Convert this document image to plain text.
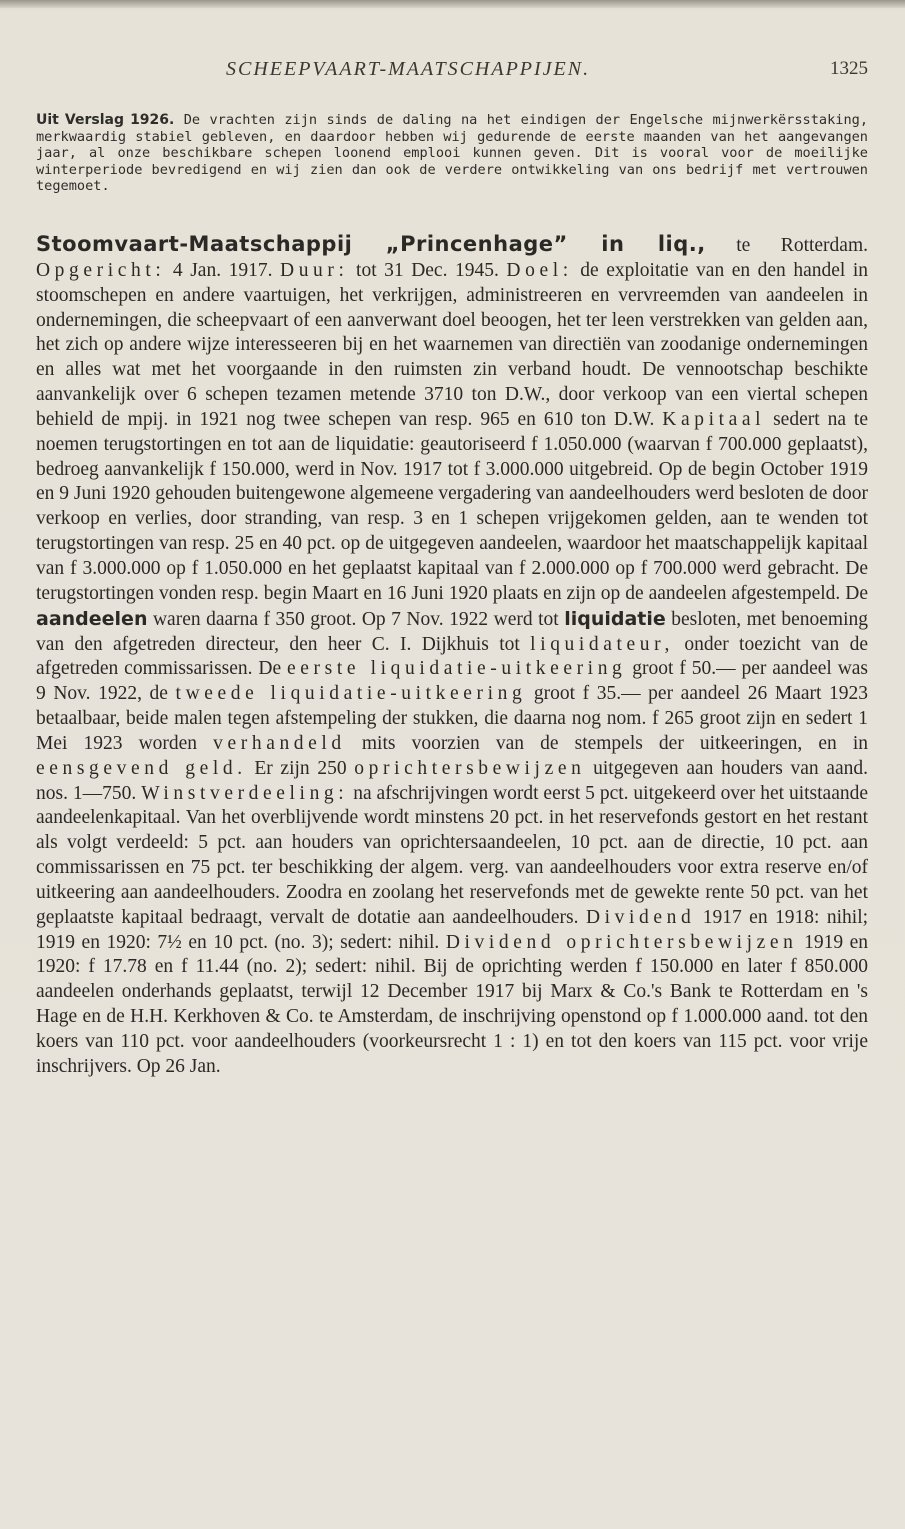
SCHEEPVAART-MAATSCHAPPIJEN.	1325

Uit Verslag 1926. De vrachten zijn sinds de daling na het eindigen der Engelsche mijnwerkërsstaking, merkwaardig stabiel gebleven, en daardoor hebben wij gedurende de eerste maanden van het aangevangen jaar, al onze beschikbare schepen loonend emplooi kunnen geven. Dit is vooral voor de moeilijke winterperiode bevredigend en wij zien dan ook de verdere ontwikkeling van ons bedrijf met vertrouwen tegemoet.

Stoomvaart-Maatschappij „Princenhage” in liq., te Rotterdam. Opgericht: 4 Jan. 1917. Duur: tot 31 Dec. 1945. Doel: de exploitatie van en den handel in stoomschepen en andere vaartuigen, het verkrijgen, administreeren en vervreemden van aandeelen in ondernemingen, die scheepvaart of een aanverwant doel beoogen, het ter leen verstrekken van gelden aan, het zich op andere wijze interesseeren bij en het waarnemen van directiën van zoodanige ondernemingen en alles wat met het voorgaande in den ruimsten zin verband houdt. De vennootschap beschikte aanvankelijk over 6 schepen tezamen metende 3710 ton D.W., door verkoop van een viertal schepen behield de mpij. in 1921 nog twee schepen van resp. 965 en 610 ton D.W. Kapitaal sedert na te noemen terugstortingen en tot aan de liquidatie: geautoriseerd f 1.050.000 (waarvan f 700.000 geplaatst), bedroeg aanvankelijk f 150.000, werd in Nov. 1917 tot f 3.000.000 uitgebreid. Op de begin October 1919 en 9 Juni 1920 gehouden buitengewone algemeene vergadering van aandeelhouders werd besloten de door verkoop en verlies, door stranding, van resp. 3 en 1 schepen vrijgekomen gelden, aan te wenden tot terugstortingen van resp. 25 en 40 pct. op de uitgegeven aandeelen, waardoor het maatschappelijk kapitaal van f 3.000.000 op f 1.050.000 en het geplaatst kapitaal van f 2.000.000 op f 700.000 werd gebracht. De terugstortingen vonden resp. begin Maart en 16 Juni 1920 plaats en zijn op de aandeelen afgestempeld. De aandeelen waren daarna f 350 groot. Op 7 Nov. 1922 werd tot liquidatie besloten, met benoeming van den afgetreden directeur, den heer C. I. Dijkhuis tot liquidateur, onder toezicht van de afgetreden commissarissen. De eerste liquidatie-uitkeering groot f 50.— per aandeel was 9 Nov. 1922, de tweede liquidatie-uitkeering groot f 35.— per aandeel 26 Maart 1923 betaalbaar, beide malen tegen afstempeling der stukken, die daarna nog nom. f 265 groot zijn en sedert 1 Mei 1923 worden verhandeld mits voorzien van de stempels der uitkeeringen, en in eensgevend geld. Er zijn 250 oprichtersbewijzen uitgegeven aan houders van aand. nos. 1—750. Winstverdeeling: na afschrijvingen wordt eerst 5 pct. uitgekeerd over het uitstaande aandeelenkapitaal. Van het overblijvende wordt minstens 20 pct. in het reservefonds gestort en het restant als volgt verdeeld: 5 pct. aan houders van oprichtersaandeelen, 10 pct. aan de directie, 10 pct. aan commissarissen en 75 pct. ter beschikking der algem. verg. van aandeelhouders voor extra reserve en/of uitkeering aan aandeelhouders. Zoodra en zoolang het reservefonds met de gewekte rente 50 pct. van het geplaatste kapitaal bedraagt, vervalt de dotatie aan aandeelhouders. Dividend 1917 en 1918: nihil; 1919 en 1920: 7½ en 10 pct. (no. 3); sedert: nihil. Dividend oprichtersbewijzen 1919 en 1920: f 17.78 en f 11.44 (no. 2); sedert: nihil. Bij de oprichting werden f 150.000 en later f 850.000 aandeelen onderhands geplaatst, terwijl 12 December 1917 bij Marx & Co.'s Bank te Rotterdam en 's Hage en de H.H. Kerkhoven & Co. te Amsterdam, de inschrijving openstond op f 1.000.000 aand. tot den koers van 110 pct. voor aandeelhouders (voorkeursrecht 1 : 1) en tot den koers van 115 pct. voor vrije inschrijvers. Op 26 Jan.
